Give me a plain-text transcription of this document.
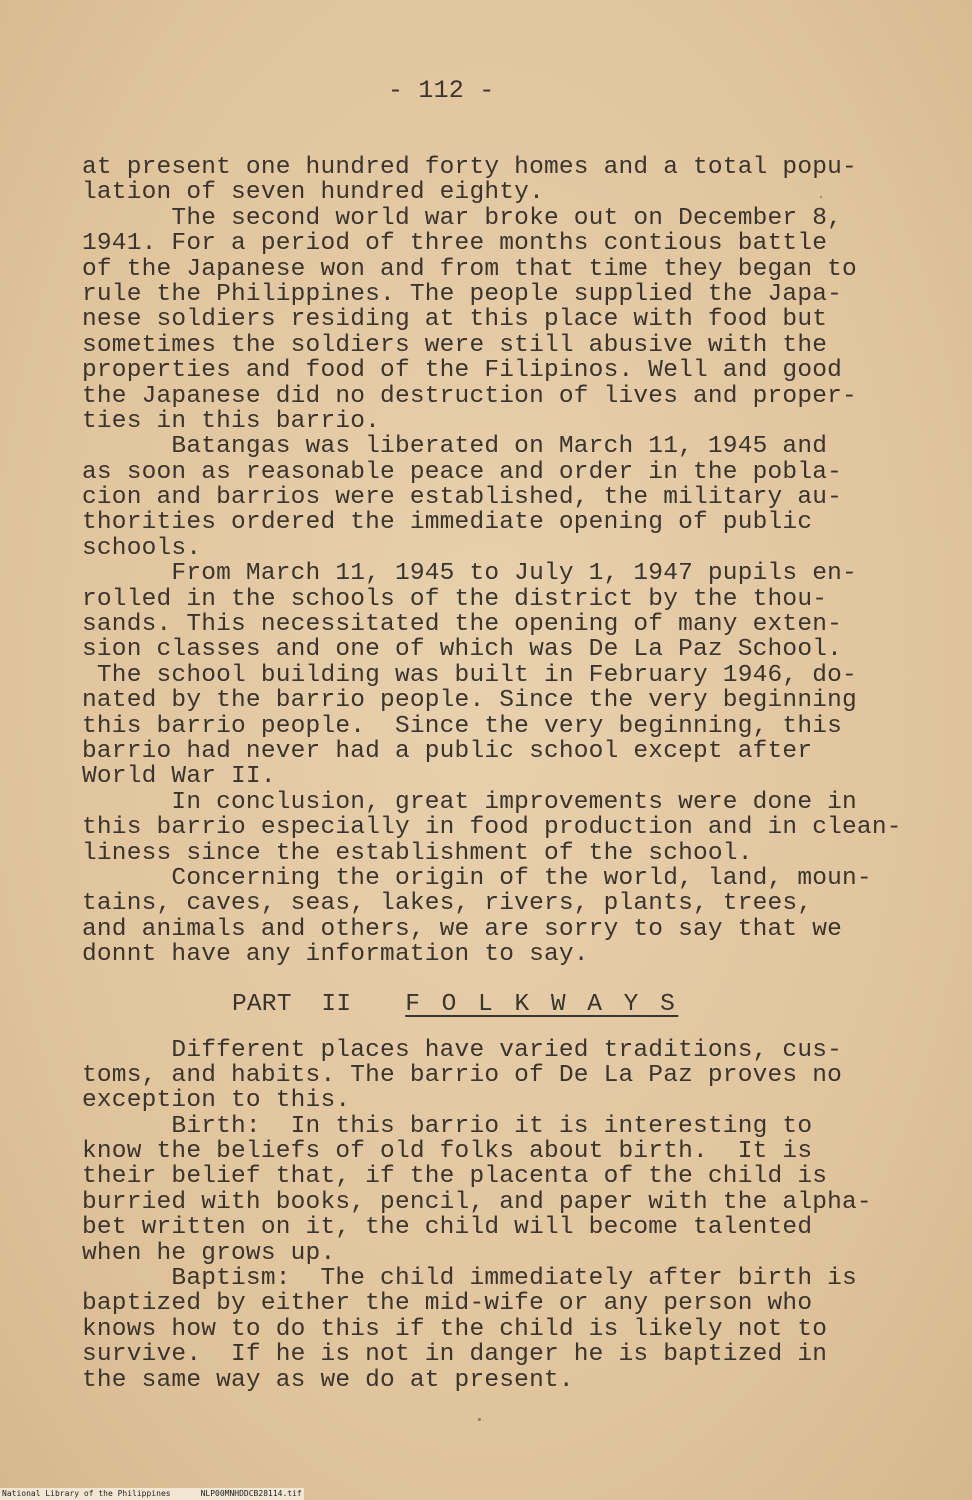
- 112 -
at present one hundred forty homes and a total popu-
lation of seven hundred eighty.
The second world war broke out on December 8,
1941. For a period of three months contious battle
of the Japanese won and from that time they began to
rule the Philippines. The people supplied the Japa-
nese soldiers residing at this place with food but
sometimes the soldiers were still abusive with the
properties and food of the Filipinos. Well and good
the Japanese did no destruction of lives and proper-
ties in this barrio.
Batangas was liberated on March 11, 1945 and
as soon as reasonable peace and order in the pobla-
cion and barrios were established, the military au-
thorities ordered the immediate opening of public
schools.
From March 11, 1945 to July 1, 1947 pupils en-
rolled in the schools of the district by the thou-
sands. This necessitated the opening of many exten-
sion classes and one of which was De La Paz School.
The school building was built in February 1946, do-
nated by the barrio people. Since the very beginning
this barrio people.  Since the very beginning, this
barrio had never had a public school except after
World War II.
In conclusion, great improvements were done in
this barrio especially in food production and in clean-
liness since the establishment of the school.
Concerning the origin of the world, land, moun-
tains, caves, seas, lakes, rivers, plants, trees,
and animals and others, we are sorry to say that we
donnt have any information to say.
PART  II F O L K W A Y S
Different places have varied traditions, cus-
toms, and habits. The barrio of De La Paz proves no
exception to this.
Birth:  In this barrio it is interesting to
know the beliefs of old folks about birth.  It is
their belief that, if the placenta of the child is
burried with books, pencil, and paper with the alpha-
bet written on it, the child will become talented
when he grows up.
Baptism:  The child immediately after birth is
baptized by either the mid-wife or any person who
knows how to do this if the child is likely not to
survive.  If he is not in danger he is baptized in
the same way as we do at present.
National Library of the Philippines	NLP00MNHDDCB28114.tif
